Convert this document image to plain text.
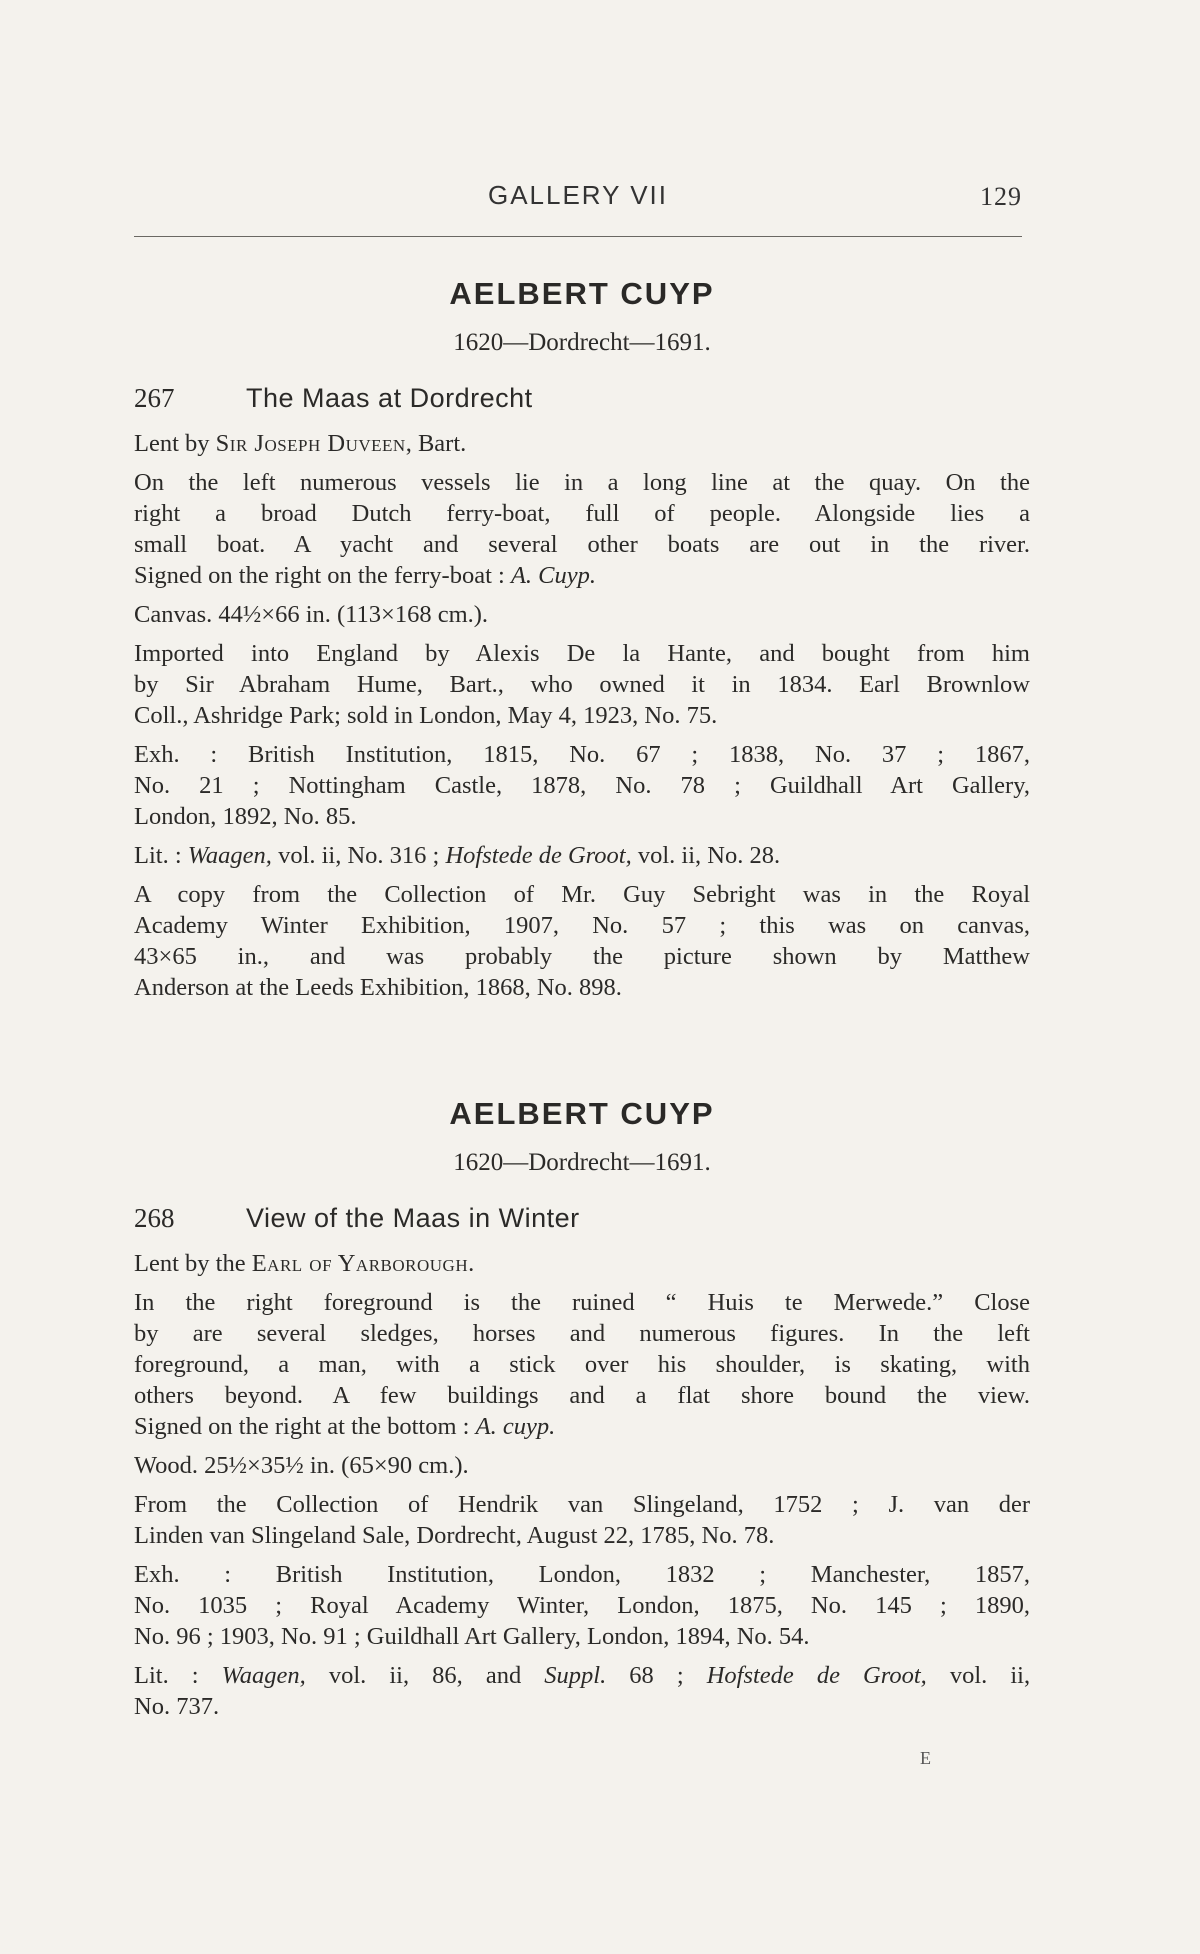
GALLERY VII	129
AELBERT CUYP
1620—Dordrecht—1691.
267	The Maas at Dordrecht
Lent by Sir Joseph Duveen, Bart.
On the left numerous vessels lie in a long line at the quay. On the
right a broad Dutch ferry-boat, full of people. Alongside lies a
small boat. A yacht and several other boats are out in the river.
Signed on the right on the ferry-boat : A. Cuyp.
Canvas. 44½×66 in. (113×168 cm.).
Imported into England by Alexis De la Hante, and bought from him
by Sir Abraham Hume, Bart., who owned it in 1834. Earl Brownlow
Coll., Ashridge Park; sold in London, May 4, 1923, No. 75.
Exh. : British Institution, 1815, No. 67 ; 1838, No. 37 ; 1867,
No. 21 ; Nottingham Castle, 1878, No. 78 ; Guildhall Art Gallery,
London, 1892, No. 85.
Lit. : Waagen, vol. ii, No. 316 ; Hofstede de Groot, vol. ii, No. 28.
A copy from the Collection of Mr. Guy Sebright was in the Royal
Academy Winter Exhibition, 1907, No. 57 ; this was on canvas,
43×65 in., and was probably the picture shown by Matthew
Anderson at the Leeds Exhibition, 1868, No. 898.
AELBERT CUYP
1620—Dordrecht—1691.
268	View of the Maas in Winter
Lent by the Earl of Yarborough.
In the right foreground is the ruined “ Huis te Merwede.” Close
by are several sledges, horses and numerous figures. In the left
foreground, a man, with a stick over his shoulder, is skating, with
others beyond. A few buildings and a flat shore bound the view.
Signed on the right at the bottom : A. cuyp.
Wood. 25½×35½ in. (65×90 cm.).
From the Collection of Hendrik van Slingeland, 1752 ; J. van der
Linden van Slingeland Sale, Dordrecht, August 22, 1785, No. 78.
Exh. : British Institution, London, 1832 ; Manchester, 1857,
No. 1035 ; Royal Academy Winter, London, 1875, No. 145 ; 1890,
No. 96 ; 1903, No. 91 ; Guildhall Art Gallery, London, 1894, No. 54.
Lit. : Waagen, vol. ii, 86, and Suppl. 68 ; Hofstede de Groot, vol. ii,
No. 737.
E
